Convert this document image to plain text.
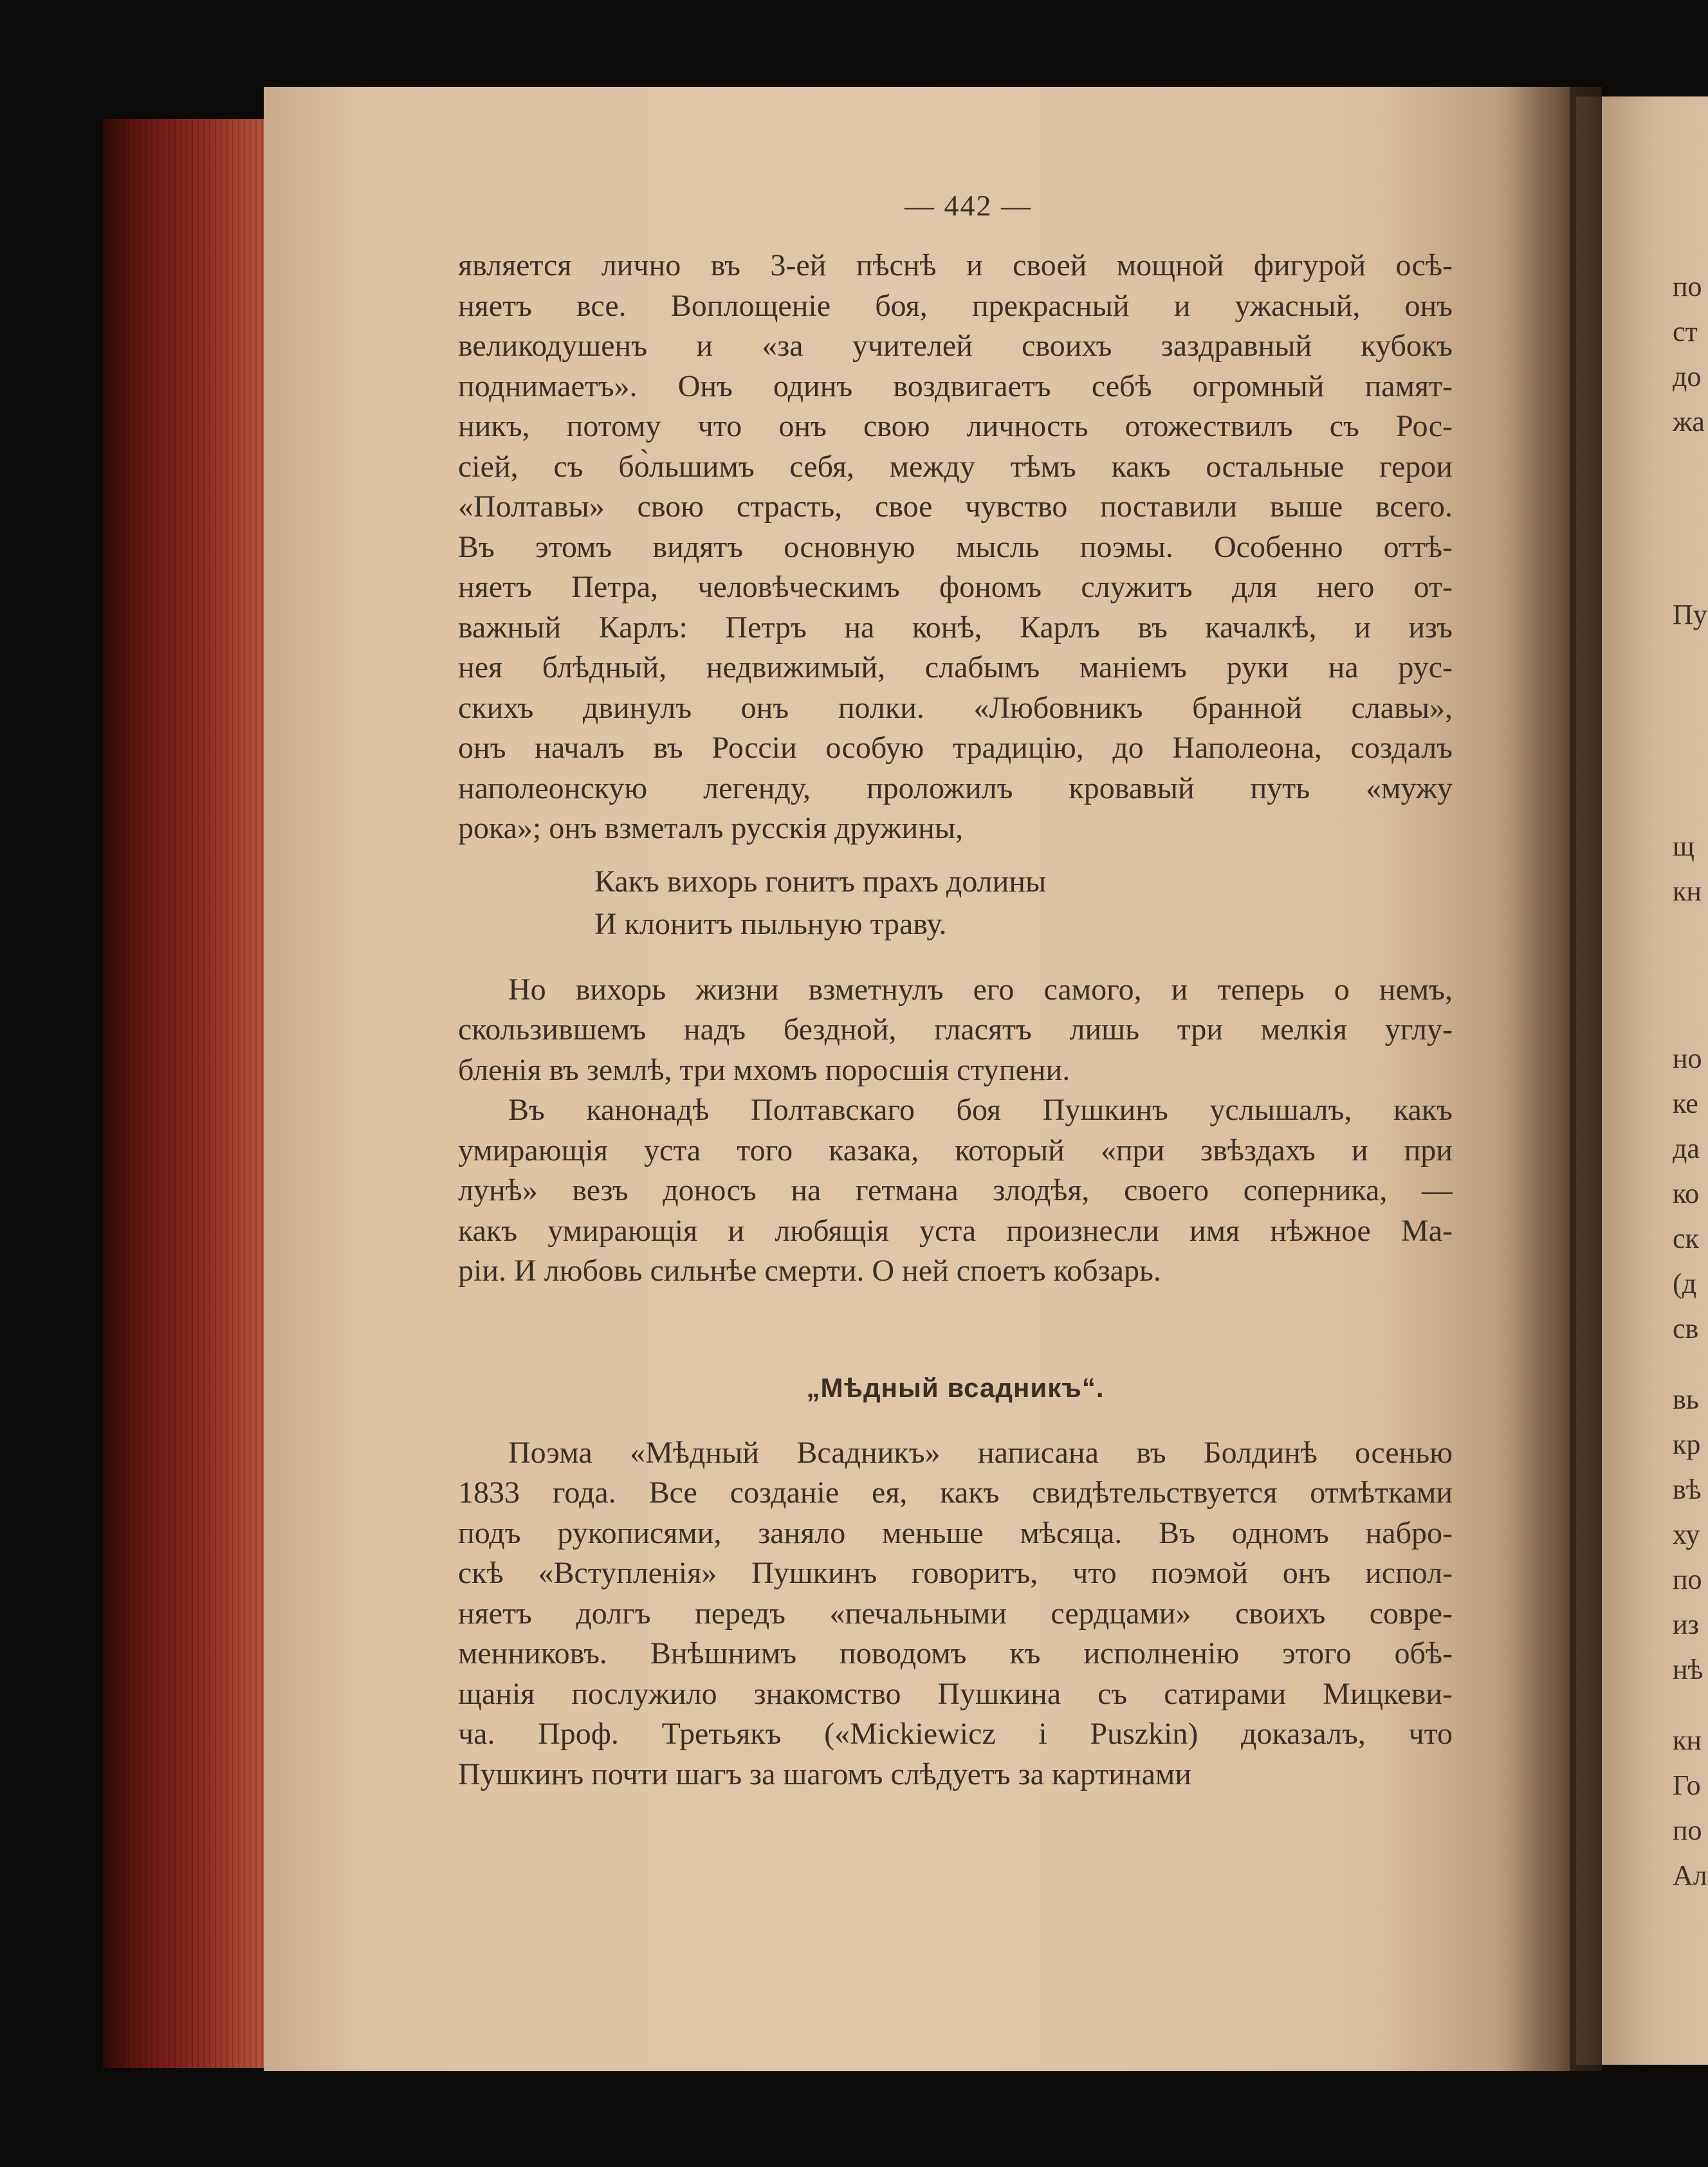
по
ст
до
жа
Пу
щ
кн
но
ке
да
ко
ск
(д
св
вь
кр
вѣ
ху
по
из
нѣ
кн
Го
по
Ал
— 442 —
является лично въ 3-ей пѣснѣ и своей мощной фигурой осѣ-
няетъ все. Воплощеніе боя, прекрасный и ужасный, онъ
великодушенъ и «за учителей своихъ заздравный кубокъ
поднимаетъ». Онъ одинъ воздвигаетъ себѣ огромный памят-
никъ, потому что онъ свою личность отожествилъ съ Рос-
сіей, съ бо̀льшимъ себя, между тѣмъ какъ остальные герои
«Полтавы» свою страсть, свое чувство поставили выше всего.
Въ этомъ видятъ основную мысль поэмы. Особенно оттѣ-
няетъ Петра, человѣческимъ фономъ служитъ для него от-
важный Карлъ: Петръ на конѣ, Карлъ въ качалкѣ, и изъ
нея блѣдный, недвижимый, слабымъ маніемъ руки на рус-
скихъ двинулъ онъ полки. «Любовникъ бранной славы»,
онъ началъ въ Россіи особую традицію, до Наполеона, создалъ
наполеонскую легенду, проложилъ кровавый путь «мужу
рока»; онъ взметалъ русскія дружины,
Какъ вихорь гонитъ прахъ долины
И клонитъ пыльную траву.
Но вихорь жизни взметнулъ его самого, и теперь о немъ,
скользившемъ надъ бездной, гласятъ лишь три мелкія углу-
бленія въ землѣ, три мхомъ поросшія ступени.
Въ канонадѣ Полтавскаго боя Пушкинъ услышалъ, какъ
умирающія уста того казака, который «при звѣздахъ и при
лунѣ» везъ доносъ на гетмана злодѣя, своего соперника, —
какъ умирающія и любящія уста произнесли имя нѣжное Ма-
ріи. И любовь сильнѣе смерти. О ней споетъ кобзарь.
„Мѣдный всадникъ“.
Поэма «Мѣдный Всадникъ» написана въ Болдинѣ осенью
1833 года. Все созданіе ея, какъ свидѣтельствуется отмѣтками
подъ рукописями, заняло меньше мѣсяца. Въ одномъ набро-
скѣ «Вступленія» Пушкинъ говоритъ, что поэмой онъ испол-
няетъ долгъ передъ «печальными сердцами» своихъ совре-
менниковъ. Внѣшнимъ поводомъ къ исполненію этого обѣ-
щанія послужило знакомство Пушкина съ сатирами Мицкеви-
ча. Проф. Третьякъ («Mickiewicz i Puszkin) доказалъ, что
Пушкинъ почти шагъ за шагомъ слѣдуетъ за картинами
